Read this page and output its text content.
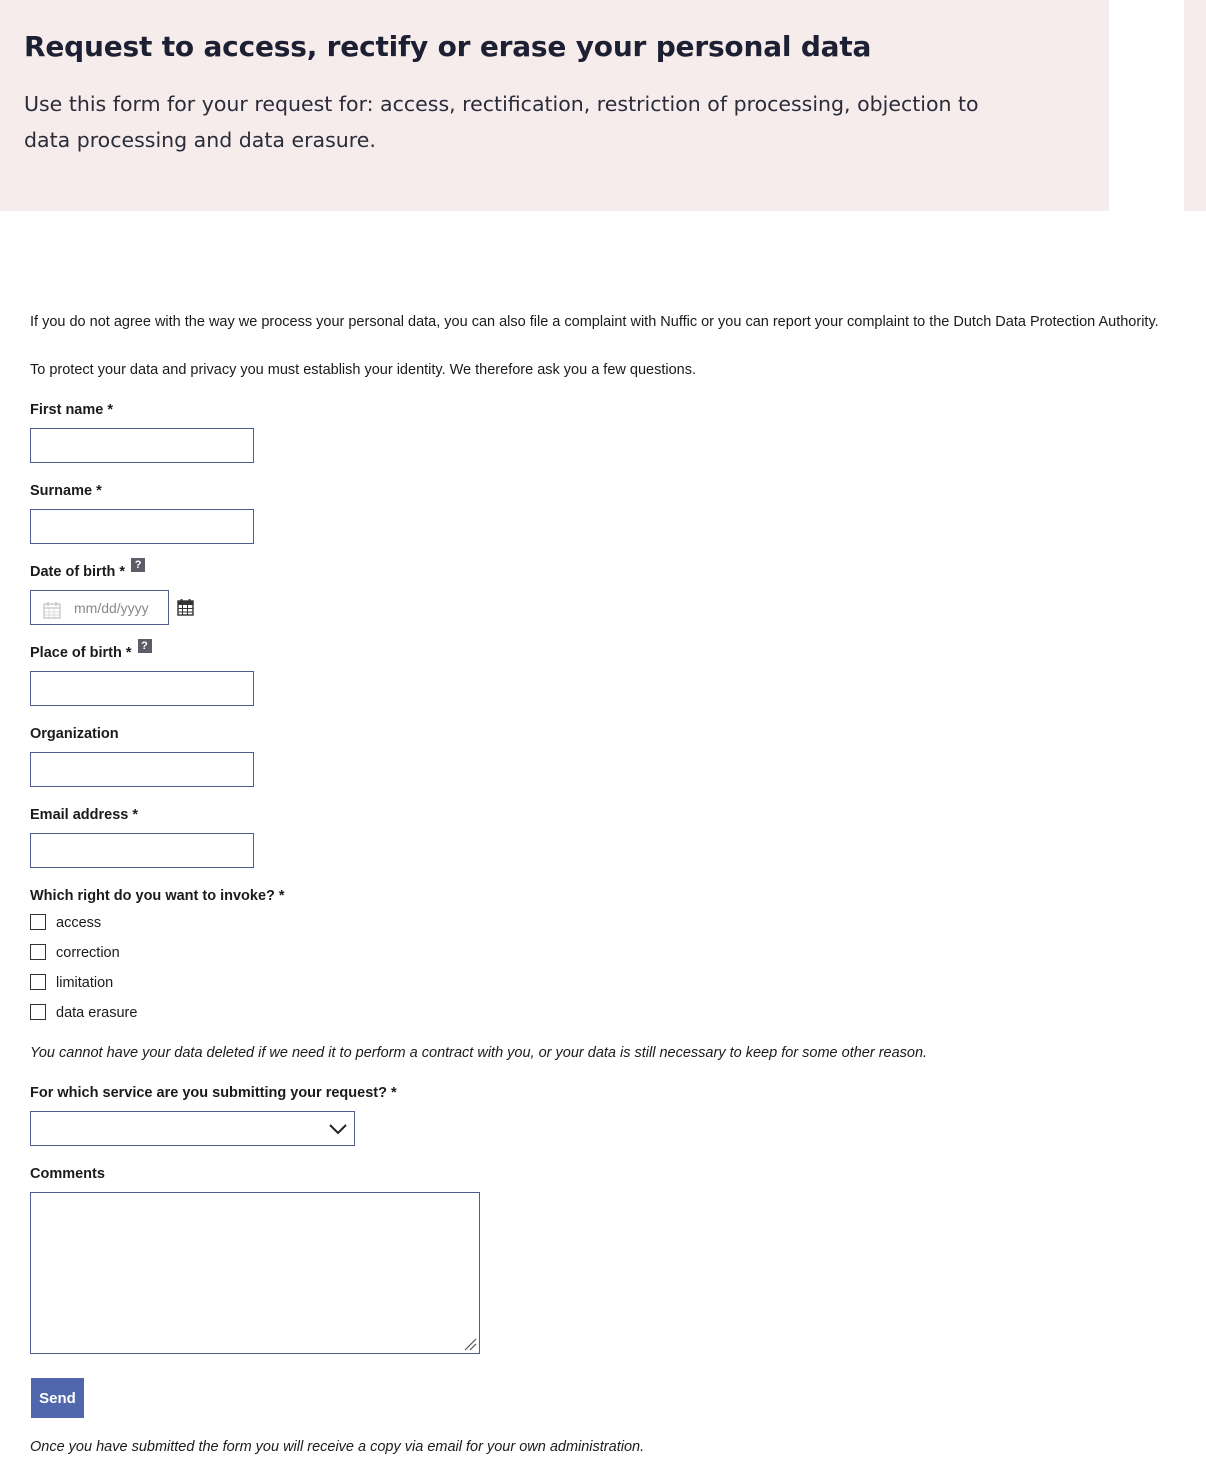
Request to access, rectify or erase your personal data

Use this form for your request for: access, rectification, restriction of processing, objection to data processing and data erasure.

If you do not agree with the way we process your personal data, you can also file a complaint with Nuffic or you can report your complaint to the Dutch Data Protection Authority.
To protect your data and privacy you must establish your identity. We therefore ask you a few questions.
First name *
Surname *
Date of birth * ?
mm/dd/yyyy
Place of birth * ?
Organization
Email address *
Which right do you want to invoke? *
access
correction
limitation
data erasure
You cannot have your data deleted if we need it to perform a contract with you, or your data is still necessary to keep for some other reason.
For which service are you submitting your request? *
Comments
Send
Once you have submitted the form you will receive a copy via email for your own administration.
